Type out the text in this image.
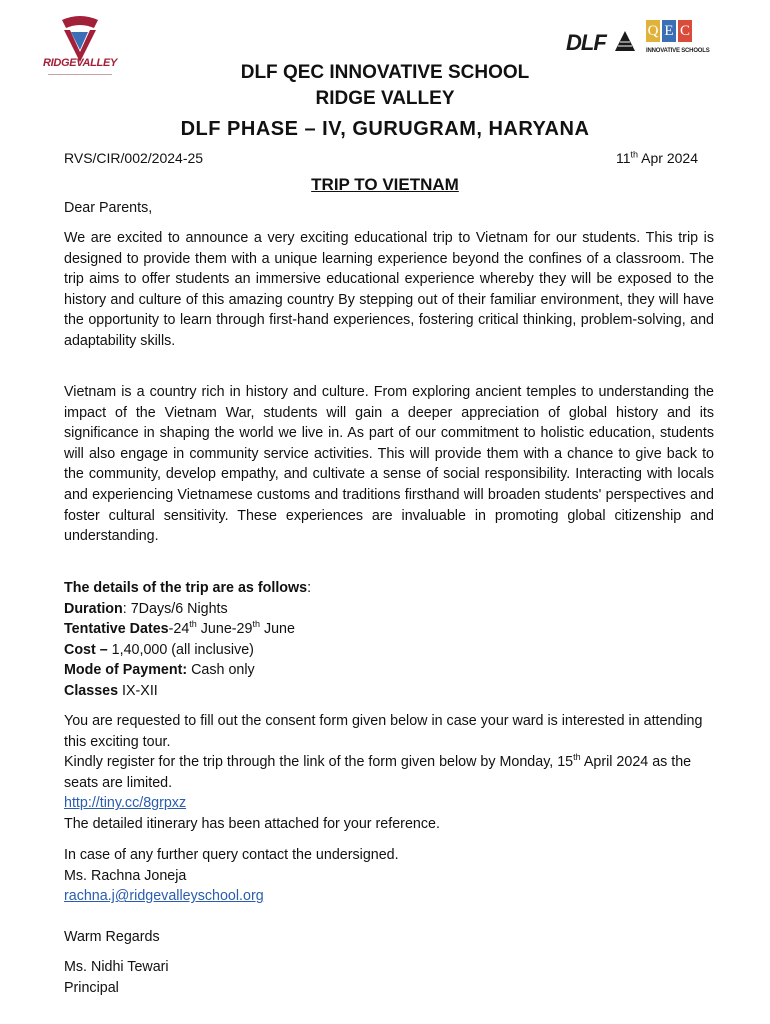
RIDGEVALLEY
DLF	Q E C
INNOVATIVE SCHOOLS
DLF QEC INNOVATIVE SCHOOL
RIDGE VALLEY
DLF PHASE – IV, GURUGRAM, HARYANA
RVS/CIR/002/2024-25	11th Apr 2024
TRIP TO VIETNAM
Dear Parents,
We are excited to announce a very exciting educational trip to Vietnam for our students. This trip is designed to provide them with a unique learning experience beyond the confines of a classroom. The trip aims to offer students an immersive educational experience whereby they will be exposed to the history and culture of this amazing country By stepping out of their familiar environment, they will have the opportunity to learn through first-hand experiences, fostering critical thinking, problem-solving, and adaptability skills.
Vietnam is a country rich in history and culture. From exploring ancient temples to understanding the impact of the Vietnam War, students will gain a deeper appreciation of global history and its significance in shaping the world we live in. As part of our commitment to holistic education, students will also engage in community service activities. This will provide them with a chance to give back to the community, develop empathy, and cultivate a sense of social responsibility. Interacting with locals and experiencing Vietnamese customs and traditions firsthand will broaden students' perspectives and foster cultural sensitivity. These experiences are invaluable in promoting global citizenship and understanding.
The details of the trip are as follows:
Duration: 7Days/6 Nights
Tentative Dates-24th June-29th June
Cost – 1,40,000 (all inclusive)
Mode of Payment: Cash only
Classes IX-XII
You are requested to fill out the consent form given below in case your ward is interested in attending this exciting tour.
Kindly register for the trip through the link of the form given below by Monday, 15th April 2024 as the seats are limited.
http://tiny.cc/8grpxz
The detailed itinerary has been attached for your reference.
In case of any further query contact the undersigned.
Ms. Rachna Joneja
rachna.j@ridgevalleyschool.org
Warm Regards
Ms. Nidhi Tewari
Principal
